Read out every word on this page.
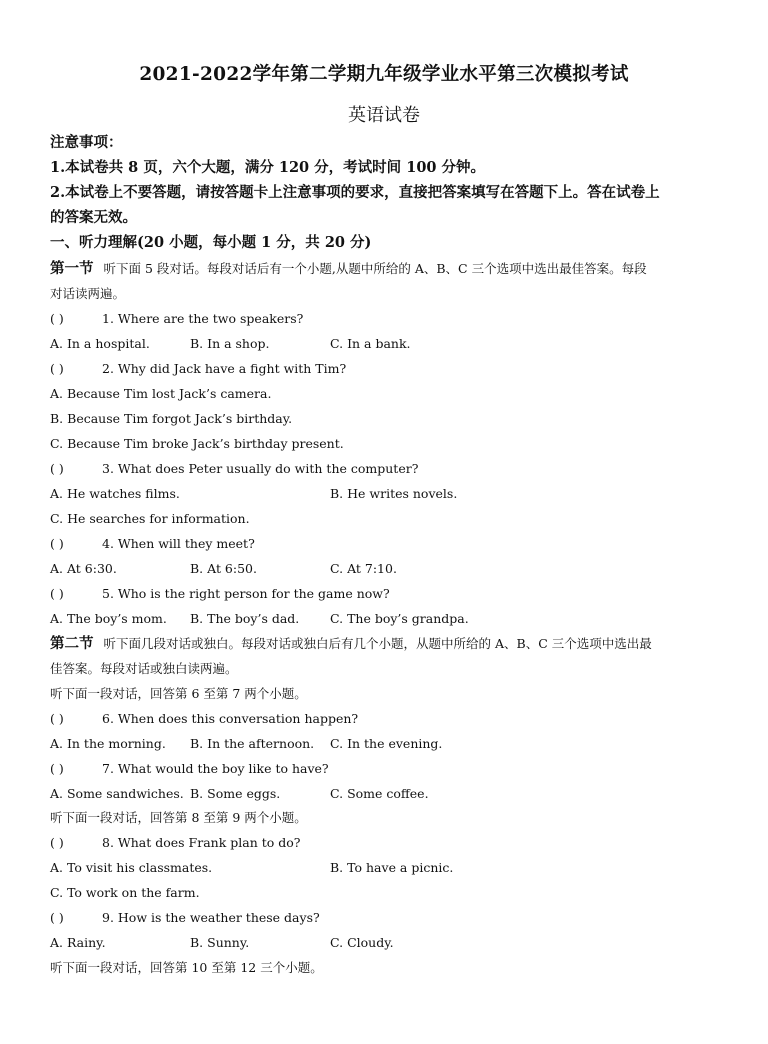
2021-2022学年第二学期九年级学业水平第三次模拟考试
英语试卷
注意事项：
1.本试卷共 8 页，六个大题，满分 120 分，考试时间 100 分钟。
2.本试卷上不要答题，请按答题卡上注意事项的要求，直接把答案填写在答题下上。答在试卷上
的答案无效。
一、听力理解(20 小题，每小题 1 分，共 20 分)
第一节 听下面 5 段对话。每段对话后有一个小题,从题中所给的 A、B、C 三个选项中选出最佳答案。每段
对话读两遍。
( )	1. Where are the two speakers?
A. In a hospital.	B. In a shop.	C. In a bank.
( )	2. Why did Jack have a fight with Tim?
A. Because Tim lost Jack’s camera.
B. Because Tim forgot Jack’s birthday.
C. Because Tim broke Jack’s birthday present.
( )	3. What does Peter usually do with the computer?
A. He watches films.	B. He writes novels.
C. He searches for information.
( )	4. When will they meet?
A. At 6:30.	B. At 6:50.	C. At 7:10.
( )	5. Who is the right person for the game now?
A. The boy’s mom. B. The boy’s dad. C. The boy’s grandpa.
第二节 听下面几段对话或独白。每段对话或独白后有几个小题，从题中所给的 A、B、C 三个选项中选出最
佳答案。每段对话或独白读两遍。
听下面一段对话，回答第 6 至第 7 两个小题。
( )	6. When does this conversation happen?
A. In the morning. B. In the afternoon. C. In the evening.
( )	7. What would the boy like to have?
A. Some sandwiches. B. Some eggs.	C. Some coffee.
听下面一段对话，回答第 8 至第 9 两个小题。
( )	8. What does Frank plan to do?
A. To visit his classmates.	B. To have a picnic.
C. To work on the farm.
( )	9. How is the weather these days?
A. Rainy.	B. Sunny.	C. Cloudy.
听下面一段对话，回答第 10 至第 12 三个小题。
